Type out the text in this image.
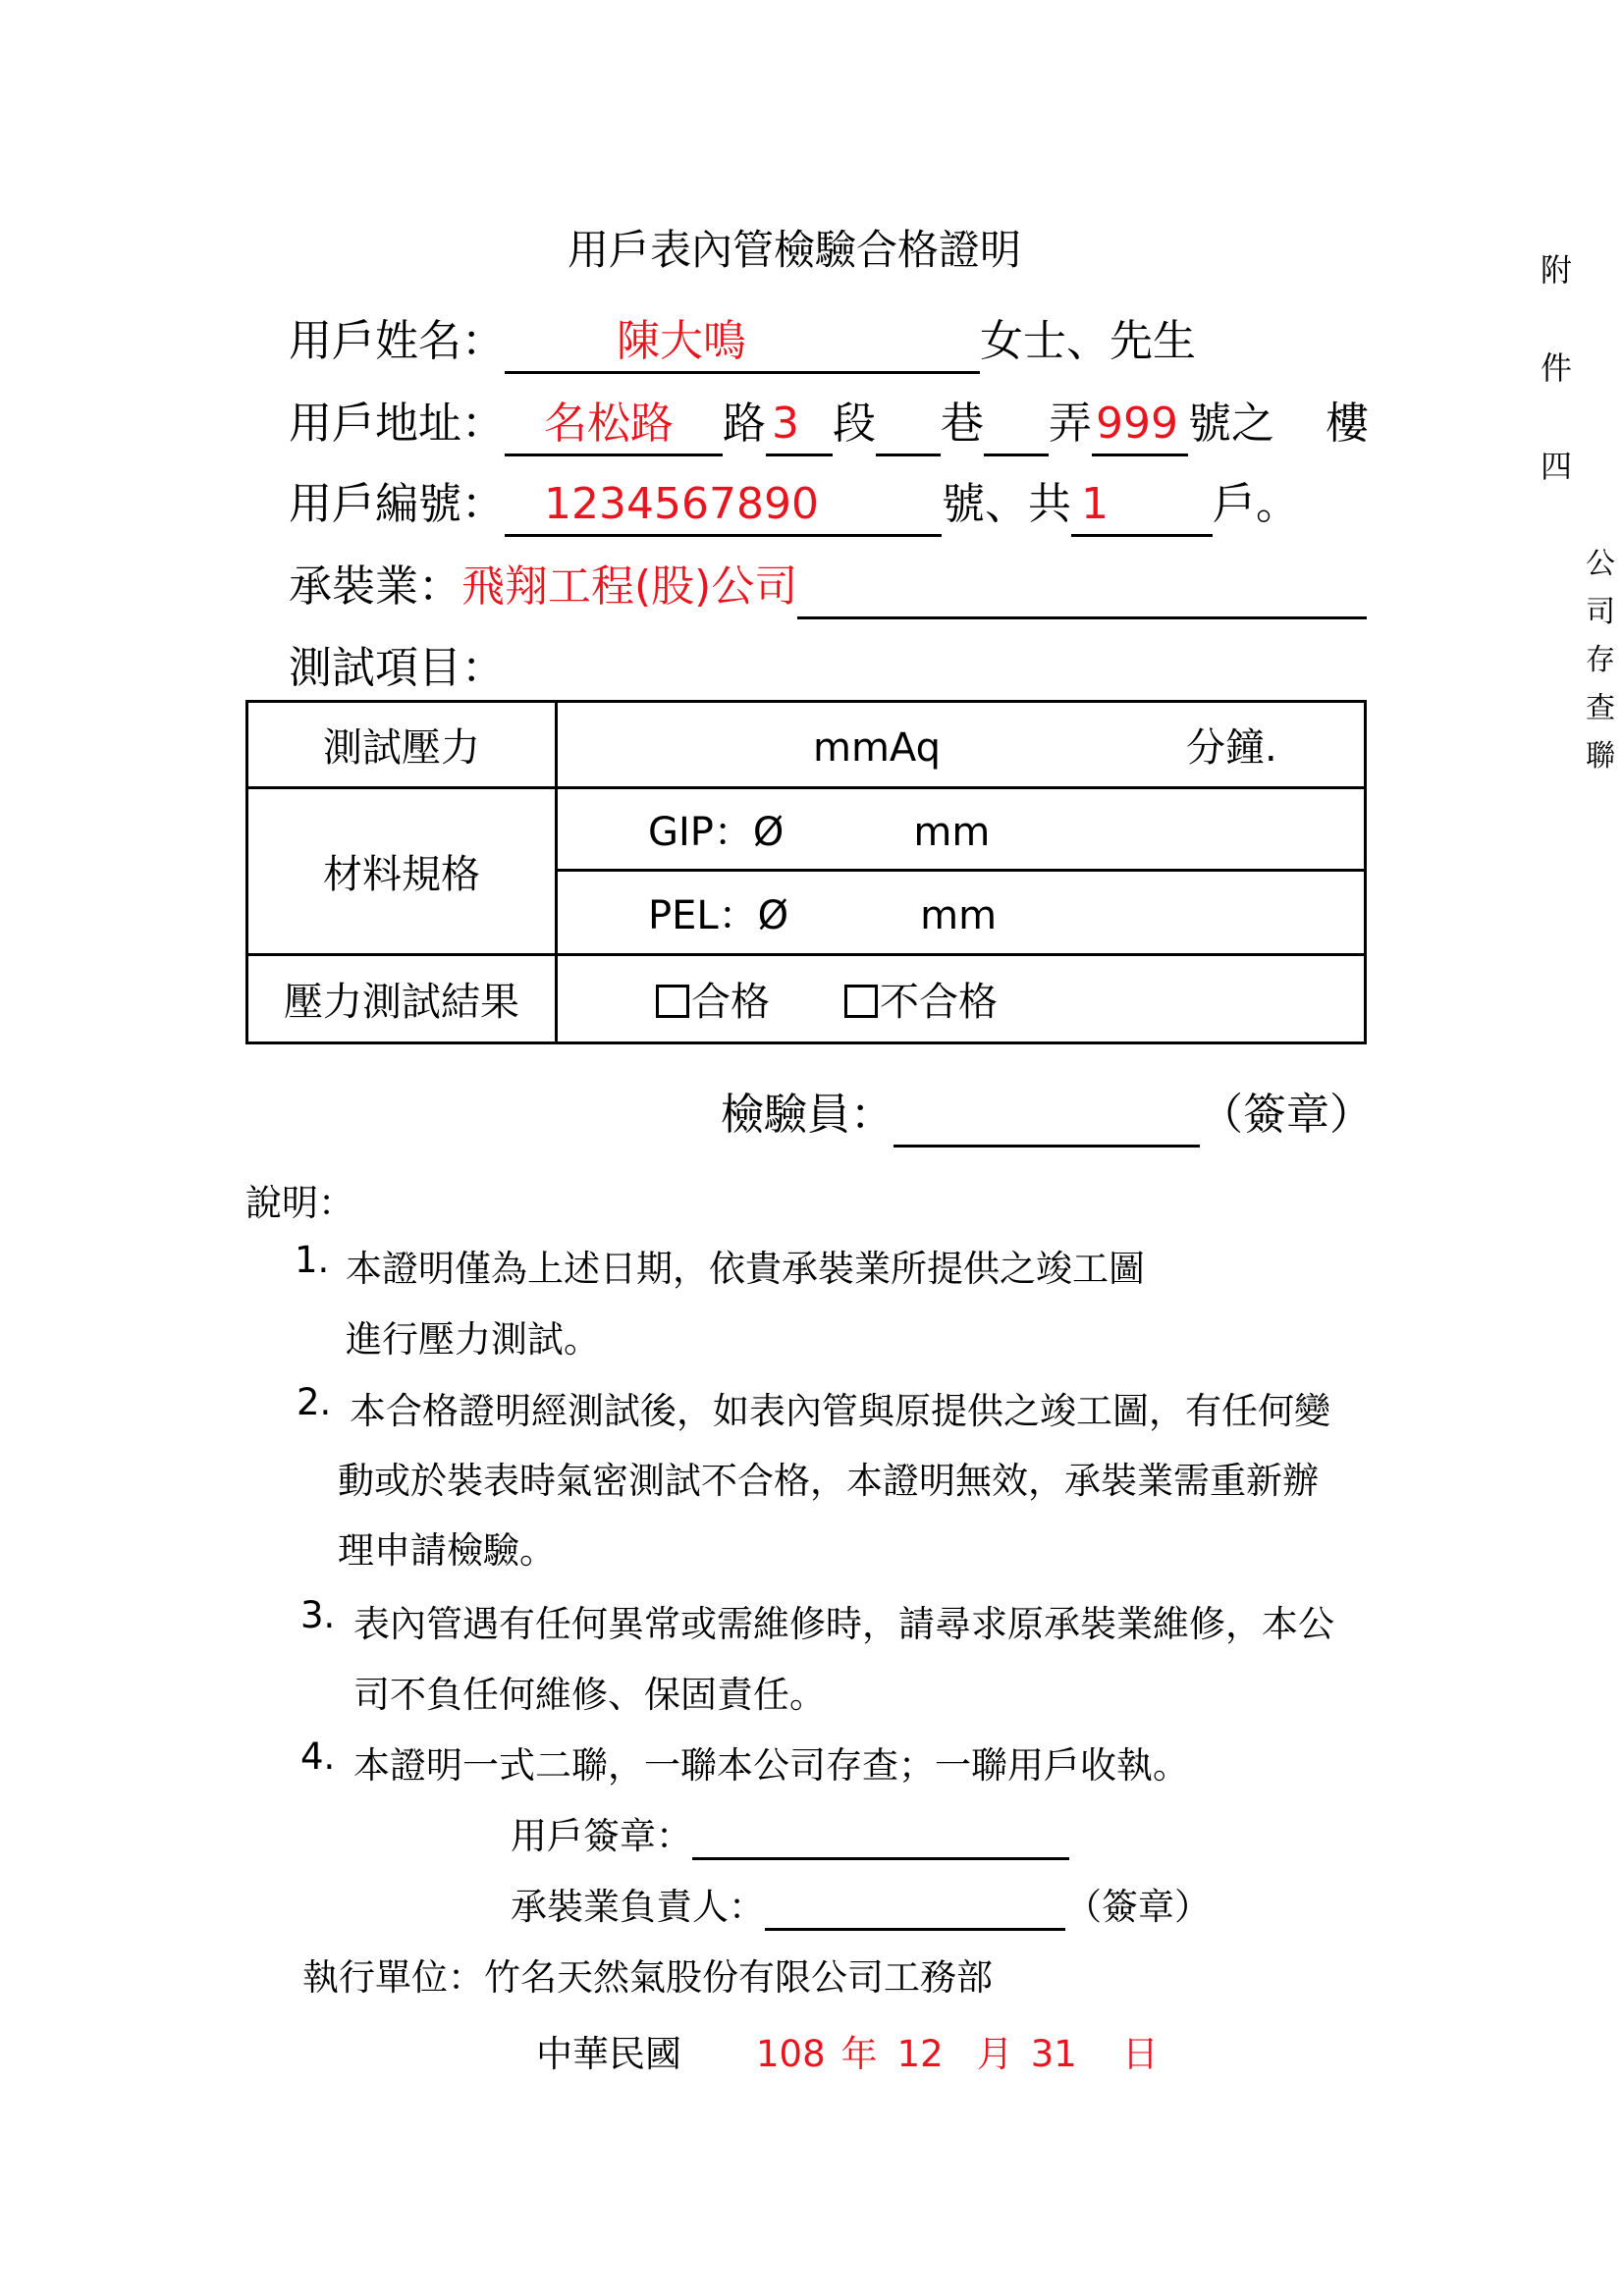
附
件
四
公
司
存
查
聯
用戶表內管檢驗合格證明
用戶姓名：	陳大鳴	女士、先生
用戶地址： 名松路 路 3 段 巷 弄999 號之 樓
用戶編號： 1234567890	號、共 1 戶。
承裝業：飛翔工程(股)公司
測試項目：
測試壓力	mmAq 分鐘.
材料規格	GIP：Ø mm
	PEL：Ø mm
壓力測試結果	合格 不合格
檢驗員：	（簽章）
說明：
1. 本證明僅為上述日期，依貴承裝業所提供之竣工圖
進行壓力測試。
2. 本合格證明經測試後，如表內管與原提供之竣工圖，有任何變
動或於裝表時氣密測試不合格，本證明無效，承裝業需重新辦
理申請檢驗。
3. 表內管遇有任何異常或需維修時，請尋求原承裝業維修，本公
司不負任何維修、保固責任。
4. 本證明一式二聯，一聯本公司存查；一聯用戶收執。
用戶簽章：
承裝業負責人：	（簽章）
執行單位：竹名天然氣股份有限公司工務部
中華民國 108 年 12 月 31 日
